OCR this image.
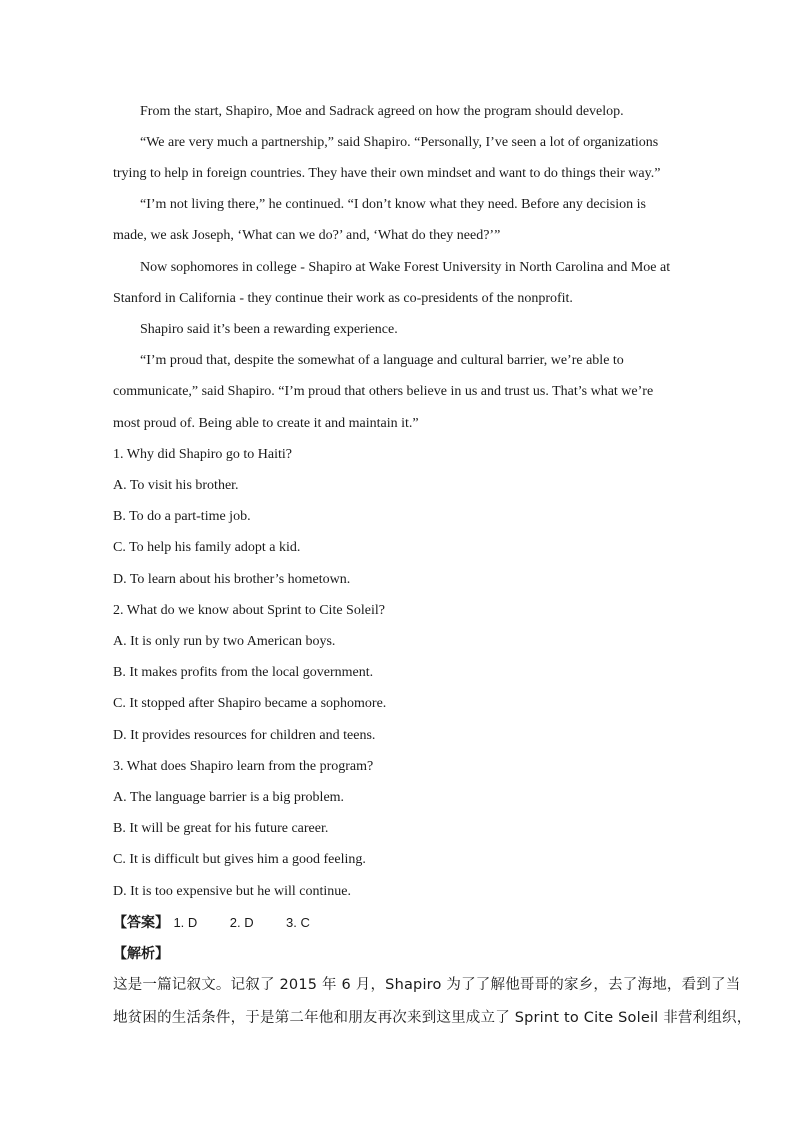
From the start, Shapiro, Moe and Sadrack agreed on how the program should develop.
“We are very much a partnership,” said Shapiro. “Personally, I’ve seen a lot of organizations
trying to help in foreign countries. They have their own mindset and want to do things their way.”
“I’m not living there,” he continued. “I don’t know what they need. Before any decision is
made, we ask Joseph, ‘What can we do?’ and, ‘What do they need?’”
Now sophomores in college - Shapiro at Wake Forest University in North Carolina and Moe at
Stanford in California - they continue their work as co-presidents of the nonprofit.
Shapiro said it’s been a rewarding experience.
“I’m proud that, despite the somewhat of a language and cultural barrier, we’re able to
communicate,” said Shapiro. “I’m proud that others believe in us and trust us. That’s what we’re
most proud of. Being able to create it and maintain it.”
1. Why did Shapiro go to Haiti?
A. To visit his brother.
B. To do a part-time job.
C. To help his family adopt a kid.
D. To learn about his brother’s hometown.
2. What do we know about Sprint to Cite Soleil?
A. It is only run by two American boys.
B. It makes profits from the local government.
C. It stopped after Shapiro became a sophomore.
D. It provides resources for children and teens.
3. What does Shapiro learn from the program?
A. The language barrier is a big problem.
B. It will be great for his future career.
C. It is difficult but gives him a good feeling.
D. It is too expensive but he will continue.
【答案】 1. D 2. D 3. C
【解析】
这是一篇记叙文。记叙了 2015 年 6 月，Shapiro 为了了解他哥哥的家乡，去了海地，看到了当
地贫困的生活条件，于是第二年他和朋友再次来到这里成立了 Sprint to Cite Soleil 非营利组织，
